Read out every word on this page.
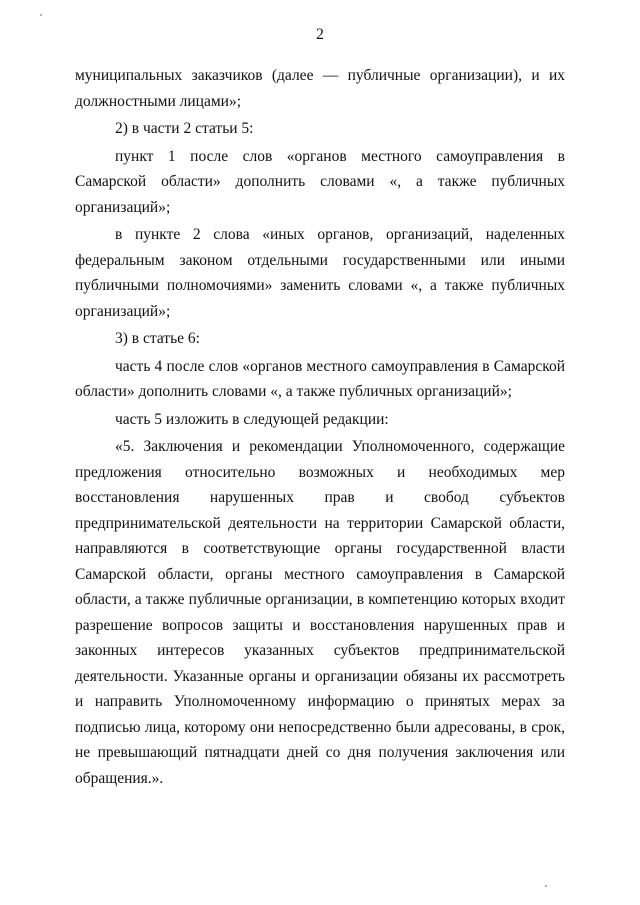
2

муниципальных заказчиков (далее — публичные организации), и их должностными лицами»;

2) в части 2 статьи 5:

пункт 1 после слов «органов местного самоуправления в Самарской области» дополнить словами «, а также публичных организаций»;

в пункте 2 слова «иных органов, организаций, наделенных федеральным законом отдельными государственными или иными публичными полномочиями» заменить словами «, а также публичных организаций»;

3) в статье 6:

часть 4 после слов «органов местного самоуправления в Самарской области» дополнить словами «, а также публичных организаций»;

часть 5 изложить в следующей редакции:

«5. Заключения и рекомендации Уполномоченного, содержащие предложения относительно возможных и необходимых мер восстановления нарушенных прав и свобод субъектов предпринимательской деятельности на территории Самарской области, направляются в соответствующие органы государственной власти Самарской области, органы местного самоуправления в Самарской области, а также публичные организации, в компетенцию которых входит разрешение вопросов защиты и восстановления нарушенных прав и законных интересов указанных субъектов предпринимательской деятельности. Указанные органы и организации обязаны их рассмотреть и направить Уполномоченному информацию о принятых мерах за подписью лица, которому они непосредственно были адресованы, в срок, не превышающий пятнадцати дней со дня получения заключения или обращения.».
